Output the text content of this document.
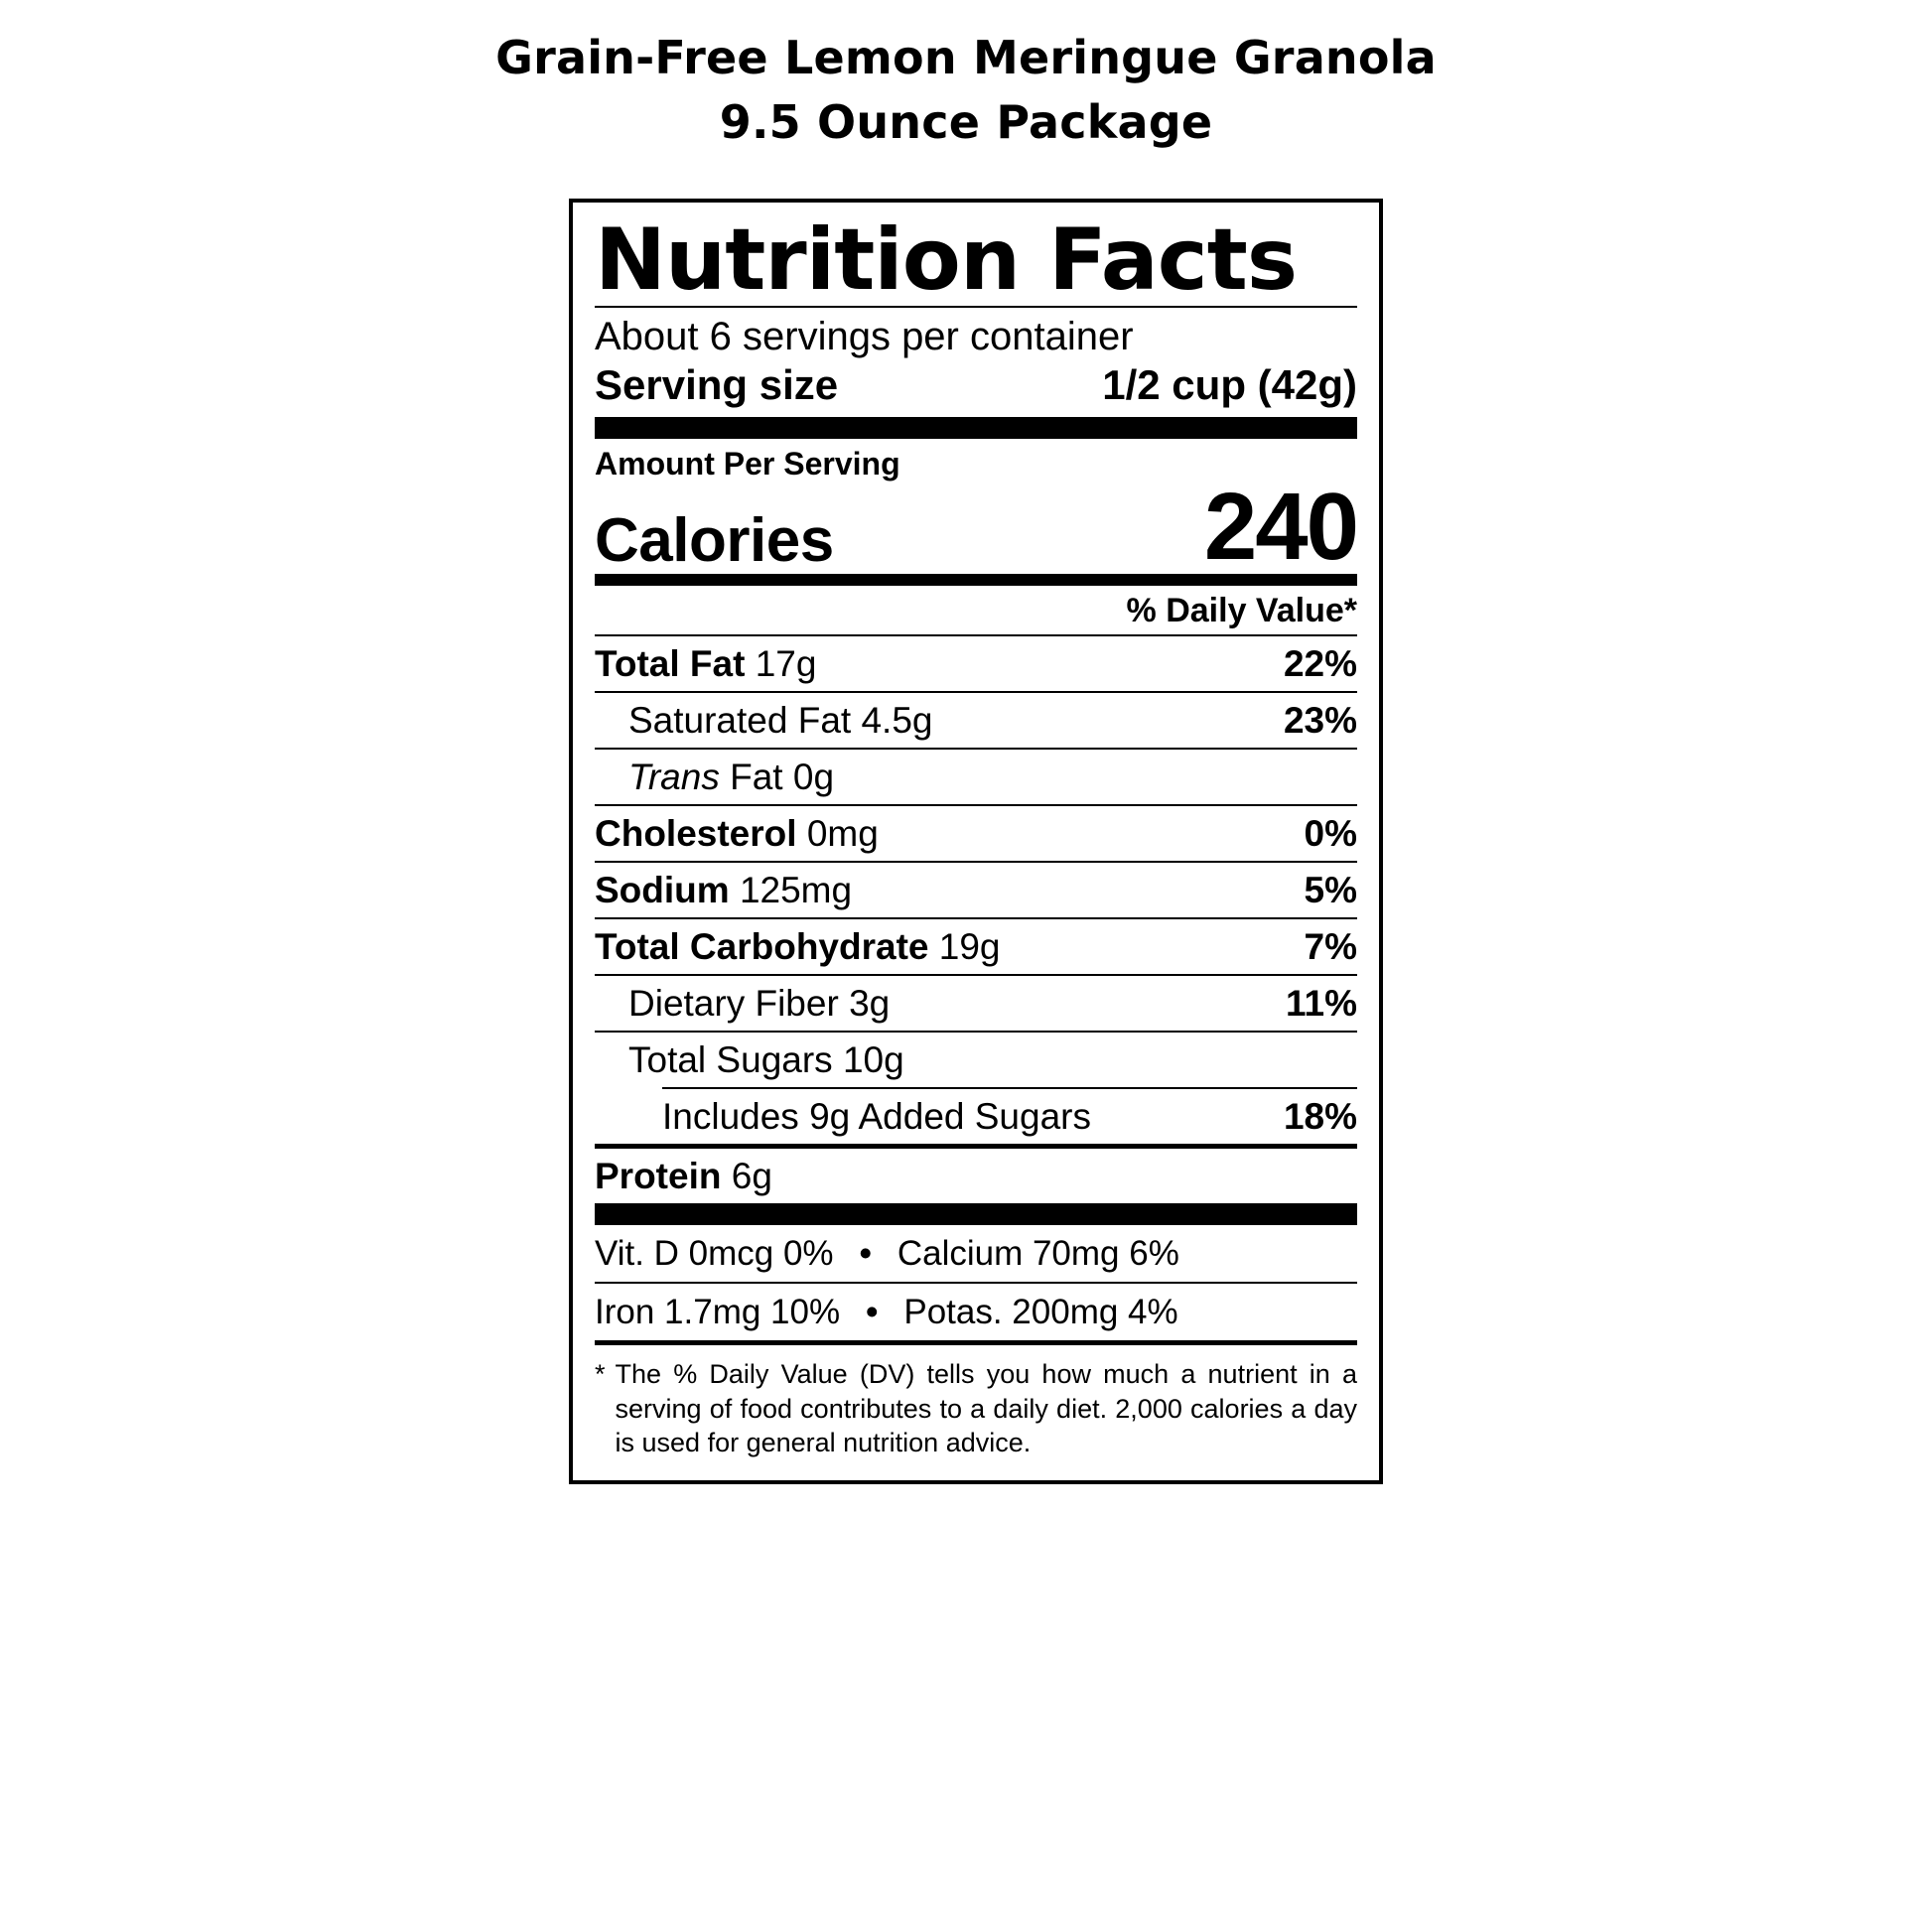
Grain-Free Lemon Meringue Granola
9.5 Ounce Package
Nutrition Facts
About 6 servings per container
Serving size	1/2 cup (42g)
Amount Per Serving
Calories	240
% Daily Value*
Total Fat 17g	22%
Saturated Fat 4.5g	23%
Trans Fat 0g
Cholesterol 0mg	0%
Sodium 125mg	5%
Total Carbohydrate 19g	7%
Dietary Fiber 3g	11%
Total Sugars 10g
Includes 9g Added Sugars	18%
Protein 6g
Vit. D 0mcg 0% • Calcium 70mg 6%
Iron 1.7mg 10% • Potas. 200mg 4%
* The % Daily Value (DV) tells you how much a nutrient in a serving of food contributes to a daily diet. 2,000 calories a day is used for general nutrition advice.
